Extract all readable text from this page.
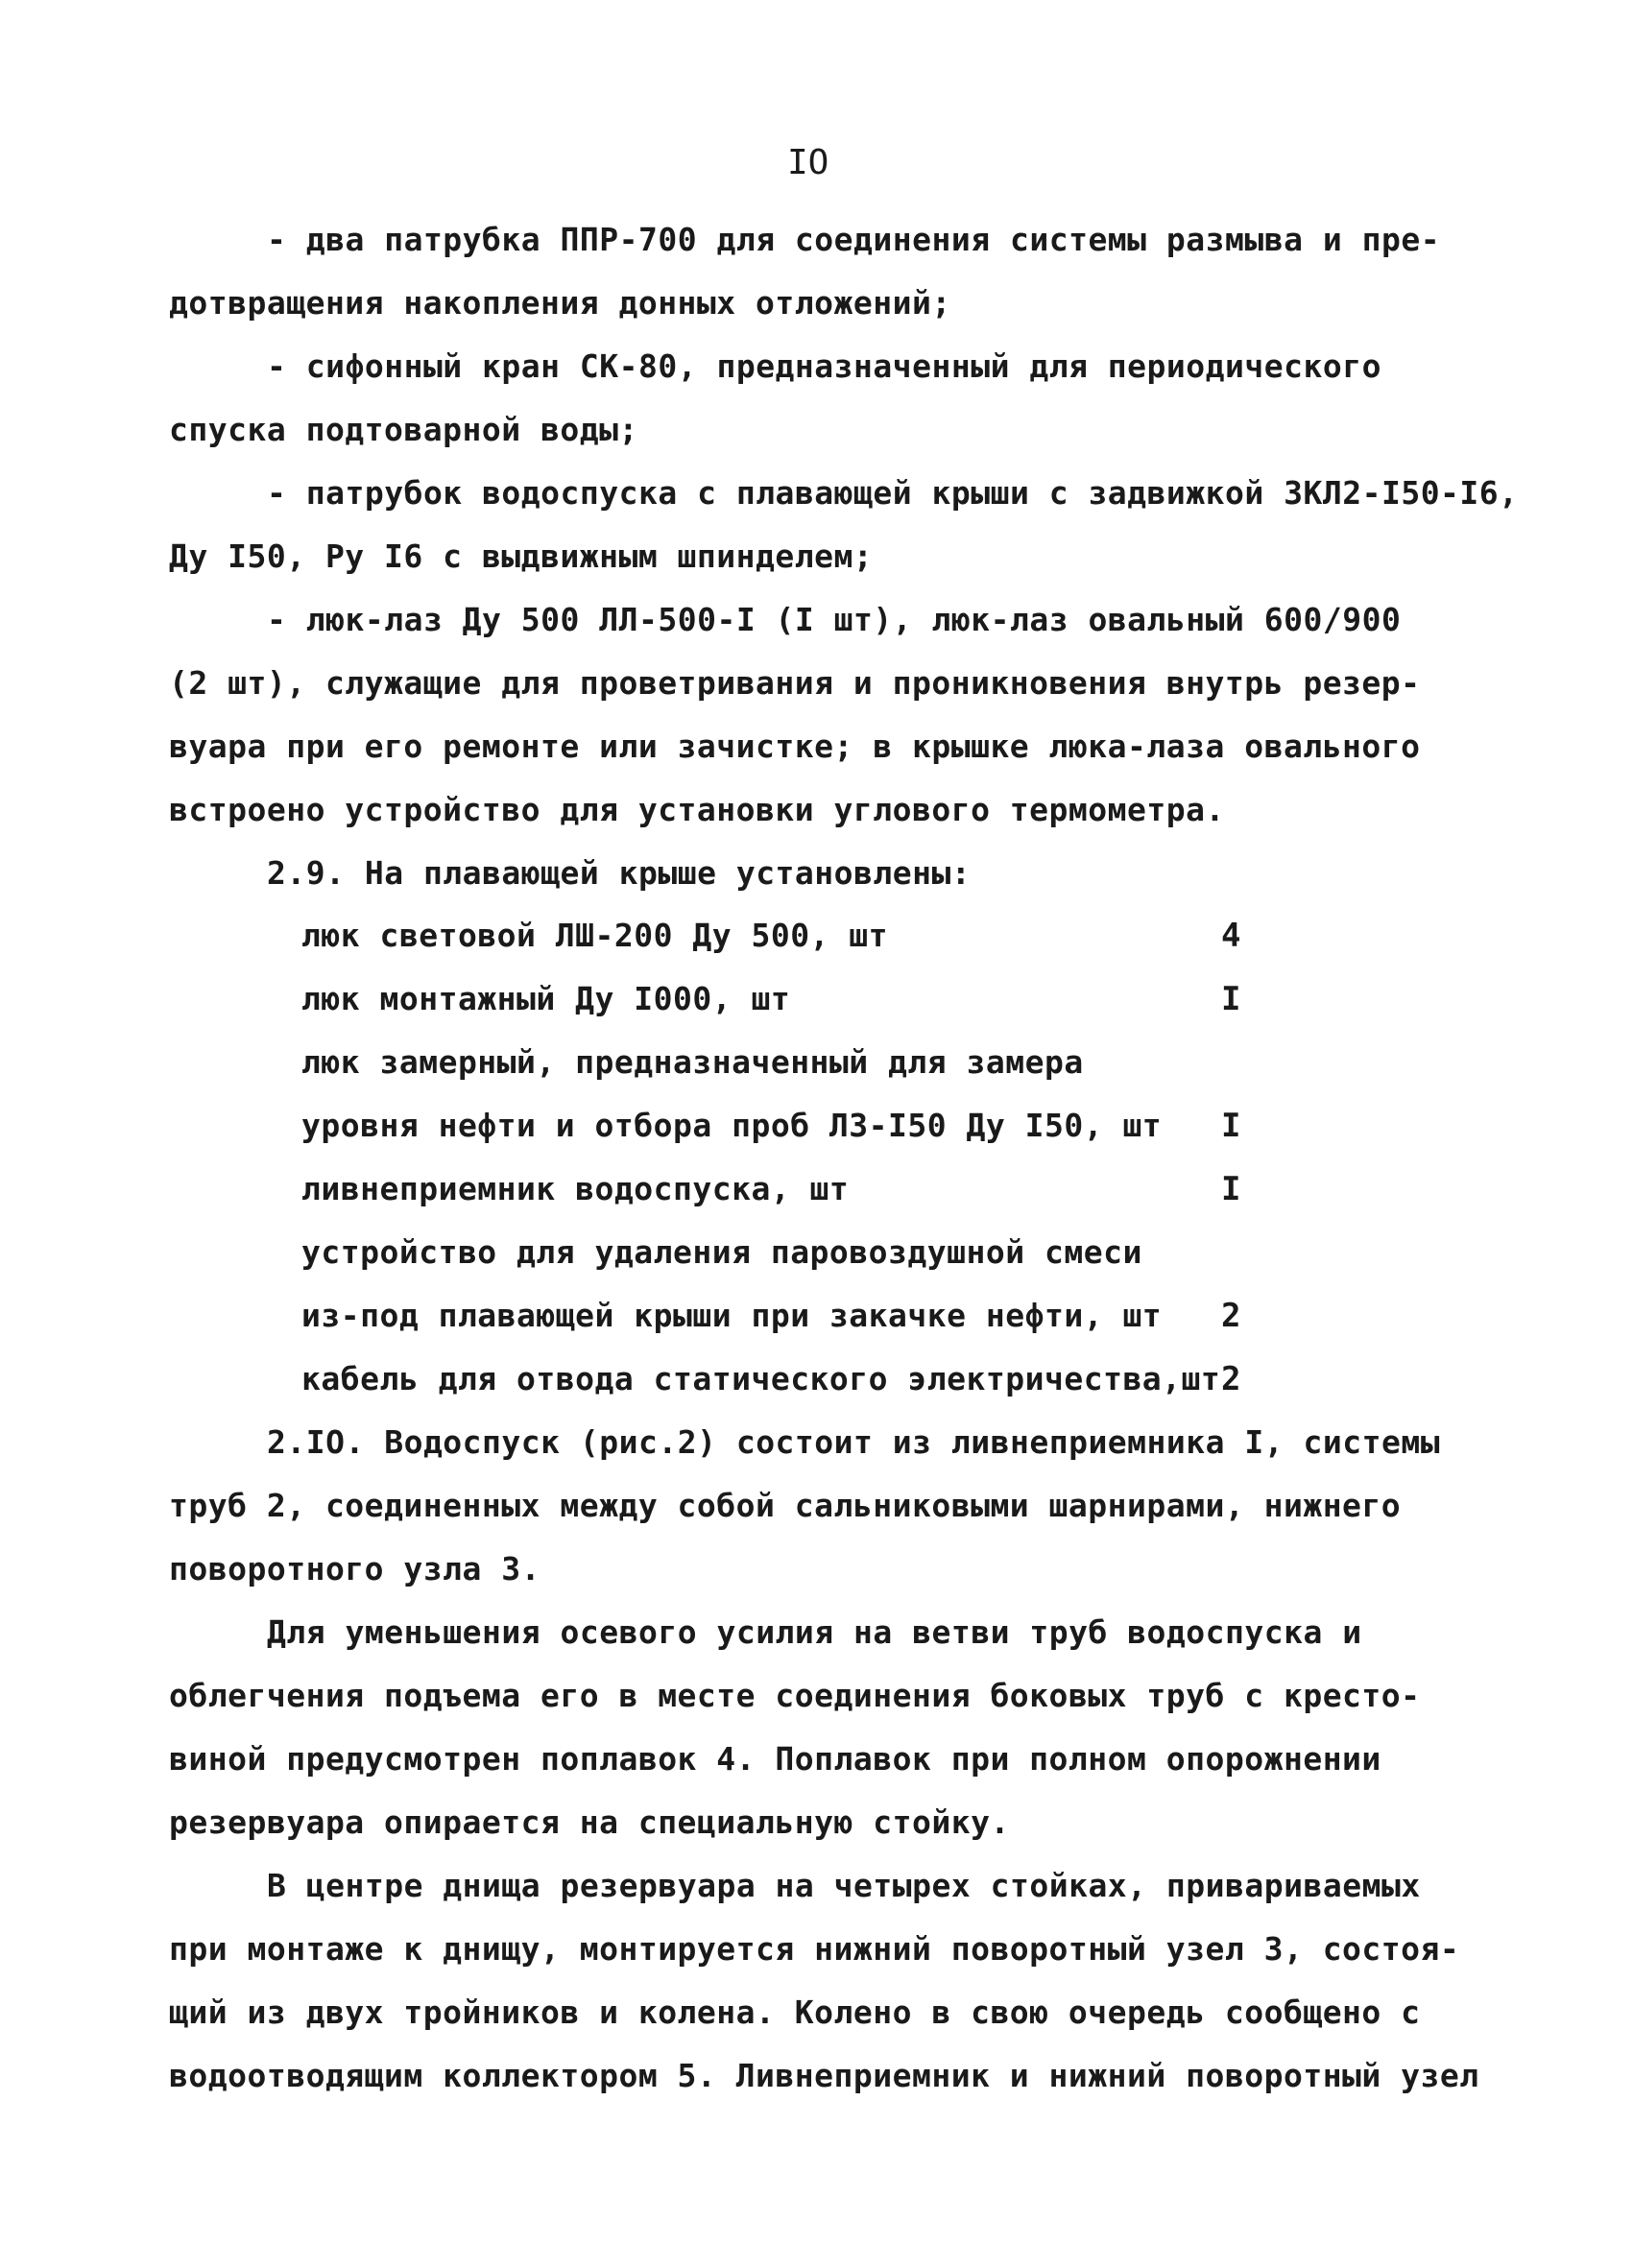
IO
- два патрубка ППР-700 для соединения системы размыва и пре-
дотвращения накопления донных отложений;
- сифонный кран СК-80, предназначенный для периодического
спуска подтоварной воды;
- патрубок водоспуска с плавающей крыши с задвижкой ЗКЛ2-I50-I6,
Ду I50, Ру I6 с выдвижным шпинделем;
- люк-лаз Ду 500 ЛЛ-500-I (I шт), люк-лаз овальный 600/900
(2 шт), служащие для проветривания и проникновения внутрь резер-
вуара при его ремонте или зачистке; в крышке люка-лаза овального
встроено устройство для установки углового термометра.
2.9. На плавающей крыше установлены:
люк световой ЛШ-200 Ду 500, шт	4
люк монтажный Ду I000, шт	I
люк замерный, предназначенный для замера
уровня нефти и отбора проб ЛЗ-I50 Ду I50, шт I
ливнеприемник водоспуска, шт	I
устройство для удаления паровоздушной смеси
из-под плавающей крыши при закачке нефти, шт 2
кабель для отвода статического электричества,шт 2
2.IO. Водоспуск (рис.2) состоит из ливнеприемника I, системы
труб 2, соединенных между собой сальниковыми шарнирами, нижнего
поворотного узла 3.
Для уменьшения осевого усилия на ветви труб водоспуска и
облегчения подъема его в месте соединения боковых труб с кресто-
виной предусмотрен поплавок 4. Поплавок при полном опорожнении
резервуара опирается на специальную стойку.
В центре днища резервуара на четырех стойках, привариваемых
при монтаже к днищу, монтируется нижний поворотный узел 3, состоя-
щий из двух тройников и колена. Колено в свою очередь сообщено с
водоотводящим коллектором 5. Ливнеприемник и нижний поворотный узел
